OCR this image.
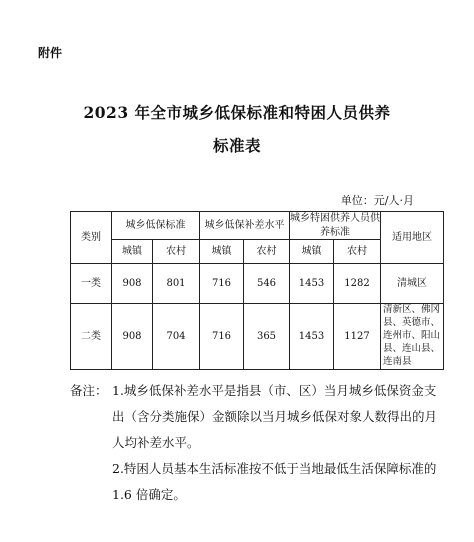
附件
2023 年全市城乡低保标准和特困人员供养
标准表
单位：元/人·月
类别	城乡低保标准		城乡低保补差水平		城乡特困供养人员供养标准		适用地区
	城镇	农村	城镇	农村	城镇	农村	
一类	908	801	716	546	1453	1282	清城区
二类	908	704	716	365	1453	1127	清新区、佛冈县、英德市、连州市、阳山县、连山县、连南县
备注： 1.城乡低保补差水平是指县（市、区）当月城乡低保资金支出（含分类施保）金额除以当月城乡低保对象人数得出的月人均补差水平。
2.特困人员基本生活标准按不低于当地最低生活保障标准的 1.6 倍确定。
